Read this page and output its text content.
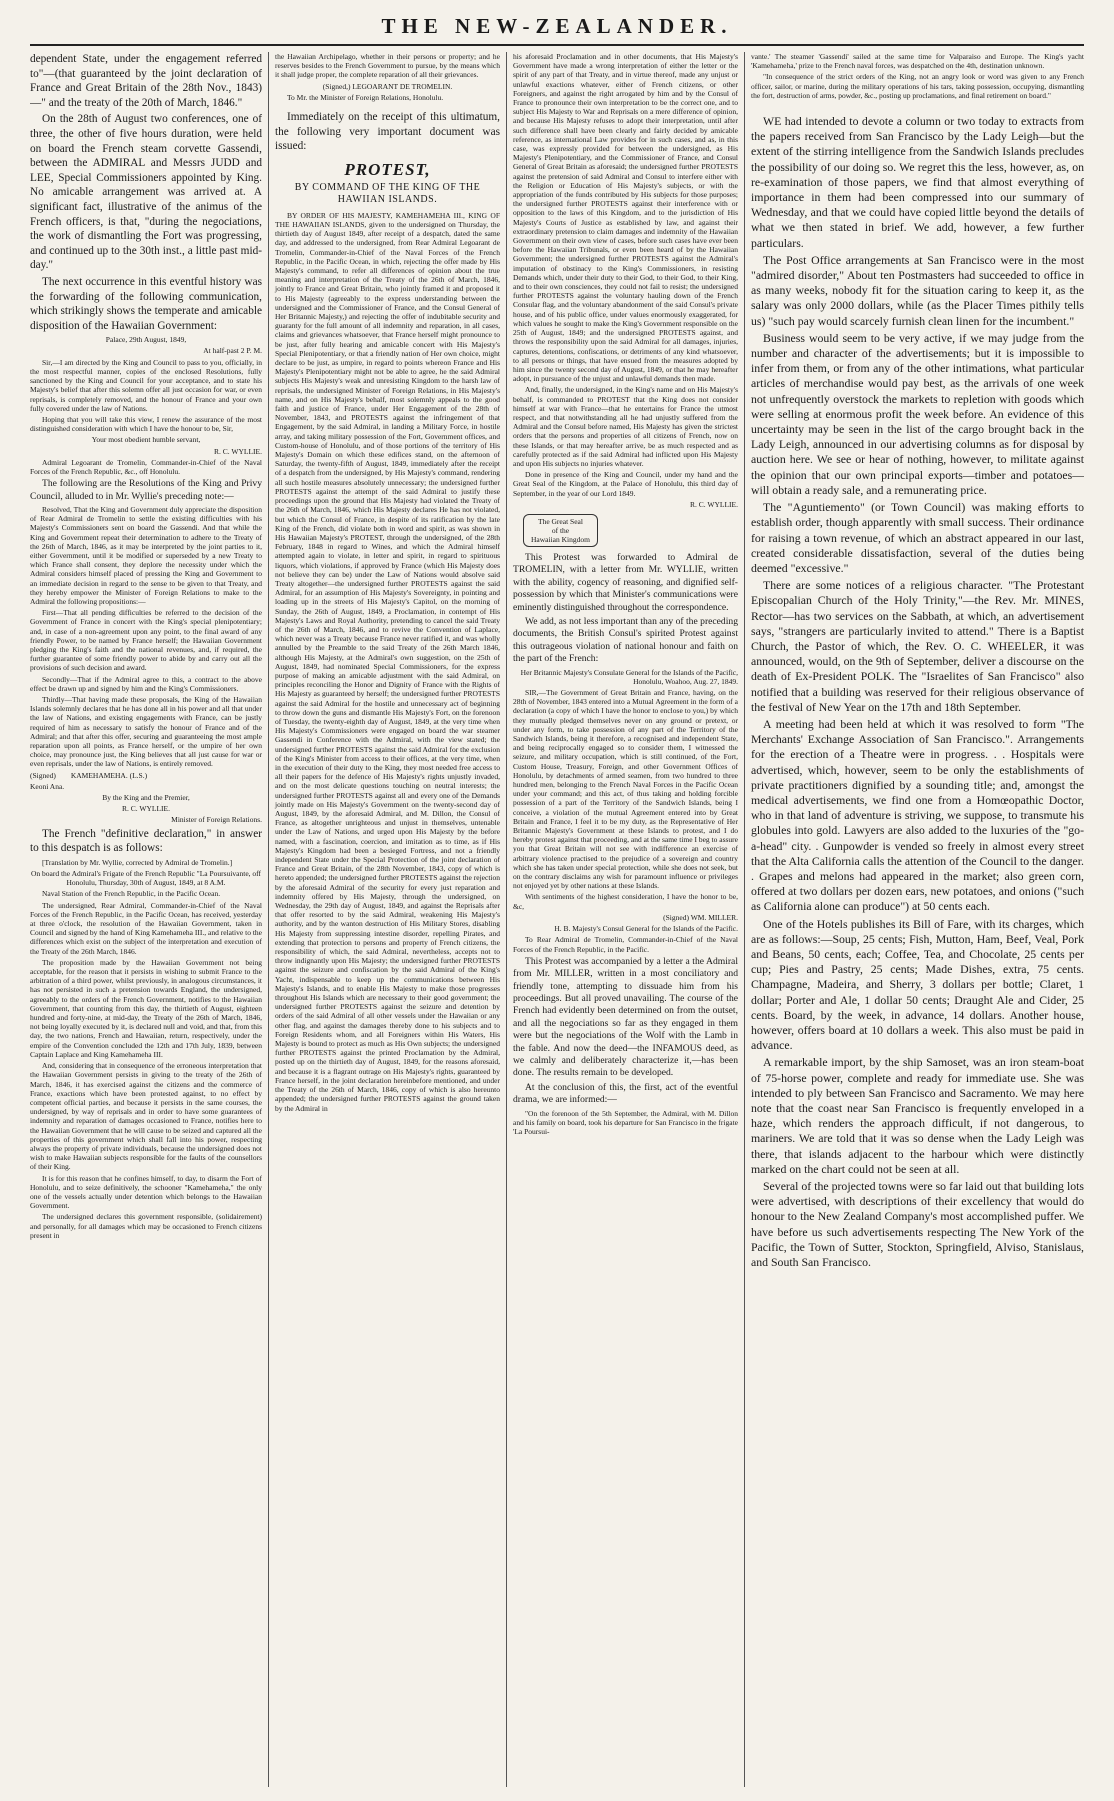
THE NEW-ZEALANDER.

dependent State, under the engagement referred to"—(that guaranteed by the joint declaration of France and Great Britain of the 28th Nov., 1843)—" and the treaty of the 20th of March, 1846."

On the 28th of August two conferences, one of three, the other of five hours duration, were held on board the French steam corvette Gassendi, between the ADMIRAL and Messrs JUDD and LEE, Special Commissioners appointed by King. No amicable arrangement was arrived at. A significant fact, illustrative of the animus of the French officers, is that, "during the negociations, the work of dismantling the Fort was progressing, and continued up to the 30th inst., a little past mid-day."

The next occurrence in this eventful history was the forwarding of the following communication, which strikingly shows the temperate and amicable disposition of the Hawaiian Government:

Palace, 29th August, 1849,

At half-past 2 P. M.

Sir,—I am directed by the King and Council to pass to you, officially, in the most respectful manner, copies of the enclosed Resolutions, fully sanctioned by the King and Council for your acceptance, and to state his Majesty's belief that after this solemn offer all just occasion for war, or even reprisals, is completely removed, and the honour of France and your own fully covered under the law of Nations.

Hoping that you will take this view, I renew the assurance of the most distinguished consideration with which I have the honour to be, Sir,

Your most obedient humble servant,

R. C. WYLLIE.

Admiral Legoarant de Tromelin, Commander-in-Chief of the Naval Forces of the French Republic, &c., off Honolulu.

The following are the Resolutions of the King and Privy Council, alluded to in Mr. Wyllie's preceding note:—

Resolved, That the King and Government duly appreciate the disposition of Rear Admiral de Tromelin to settle the existing difficulties with his Majesty's Commissioners sent on board the Gassendi. And that while the King and Government repeat their determination to adhere to the Treaty of the 26th of March, 1846, as it may be interpreted by the joint parties to it, either Government, until it be modified or superseded by a new Treaty to which France shall consent, they deplore the necessity under which the Admiral considers himself placed of pressing the King and Government to an immediate decision in regard to the sense to be given to that Treaty, and they hereby empower the Minister of Foreign Relations to make to the Admiral the following propositions:—

First—That all pending difficulties be referred to the decision of the Government of France in concert with the King's special plenipotentiary; and, in case of a non-agreement upon any point, to the final award of any friendly Power, to be named by France herself; the Hawaiian Government pledging the King's faith and the national revenues, and, if required, the further guarantee of some friendly power to abide by and carry out all the provisions of such decision and award.

Secondly—That if the Admiral agree to this, a contract to the above effect be drawn up and signed by him and the King's Commissioners.

Thirdly—That having made these proposals, the King of the Hawaiian Islands solemnly declares that he has done all in his power and all that under the law of Nations, and existing engagements with France, can be justly required of him as necessary to satisfy the honour of France and of the Admiral; and that after this offer, securing and guaranteeing the most ample reparation upon all points, as France herself, or the umpire of her own choice, may pronounce just, the King believes that all just cause for war or even reprisals, under the law of Nations, is entirely removed.

(Signed) KAMEHAMEHA. (L.S.)

Keoni Ana.

By the King and the Premier,

R. C. WYLLIE.

Minister of Foreign Relations.

The French "definitive declaration," in answer to this despatch is as follows:

[Translation by Mr. Wyllie, corrected by Admiral de Tromelin.]

On board the Admiral's Frigate of the French Republic "La Poursuivante, off Honolulu, Thursday, 30th of August, 1849, at 8 A.M.

Naval Station of the French Republic, in the Pacific Ocean.

The undersigned, Rear Admiral, Commander-in-Chief of the Naval Forces of the French Republic, in the Pacific Ocean, has received, yesterday at three o'clock, the resolution of the Hawaiian Government, taken in Council and signed by the hand of King Kamehameha III., and relative to the differences which exist on the subject of the interpretation and execution of the Treaty of the 26th March, 1846.

The proposition made by the Hawaiian Government not being acceptable, for the reason that it persists in wishing to submit France to the arbitration of a third power, whilst previously, in analogous circumstances, it has not persisted in such a pretension towards England, the undersigned, agreeably to the orders of the French Government, notifies to the Hawaiian Government, that counting from this day, the thirtieth of August, eighteen hundred and forty-nine, at mid-day, the Treaty of the 26th of March, 1846, not being loyally executed by it, is declared null and void, and that, from this day, the two nations, French and Hawaiian, return, respectively, under the empire of the Convention concluded the 12th and 17th July, 1839, between Captain Laplace and King Kamehameha III.

And, considering that in consequence of the erroneous interpretation that the Hawaiian Government persists in giving to the treaty of the 26th of March, 1846, it has exercised against the citizens and the commerce of France, exactions which have been protested against, to no effect by competent official parties, and because it persists in the same courses, the undersigned, by way of reprisals and in order to have some guarantees of indemnity and reparation of damages occasioned to France, notifies here to the Hawaiian Government that he will cause to be seized and captured all the properties of this government which shall fall into his power, respecting always the property of private individuals, because the undersigned does not wish to make Hawaiian subjects responsible for the faults of the counsellors of their King.

It is for this reason that he confines himself, to day, to disarm the Fort of Honolulu, and to seize definitively, the schooner "Kamehameha," the only one of the vessels actually under detention which belongs to the Hawaiian Government.

The undersigned declares this government responsible, (solidairement) and personally, for all damages which may be occasioned to French citizens present in

the Hawaiian Archipelago, whether in their persons or property; and he reserves besides to the French Government to pursue, by the means which it shall judge proper, the complete reparation of all their grievances.

(Signed,) LEGOARANT DE TROMELIN.

To Mr. the Minister of Foreign Relations, Honolulu.

Immediately on the receipt of this ultimatum, the following very important document was issued:

PROTEST,
BY COMMAND OF THE KING OF THE HAWIIAN ISLANDS.

BY ORDER OF HIS MAJESTY, KAMEHAMEHA III., KING OF THE HAWAIIAN ISLANDS, given to the undersigned on Thursday, the thirtieth day of August 1849, after receipt of a despatch, dated the same day, and addressed to the undersigned, from Rear Admiral Legoarant de Tromelin, Commander-in-Chief of the Naval Forces of the French Republic, in the Pacific Ocean, in which, rejecting the offer made by His Majesty's command, to refer all differences of opinion about the true meaning and interpretation of the Treaty of the 26th of March, 1846, jointly to France and Great Britain, who jointly framed it and proposed it to His Majesty (agreeably to the express understanding between the undersigned and the Commissioner of France, and the Consul General of Her Britannic Majesty,) and rejecting the offer of indubitable security and guaranty for the full amount of all indemnity and reparation, in all cases, claims and grievances whatsoever, that France herself might pronounce to be just, after fully hearing and amicable concert with His Majesty's Special Plenipotentiary, or that a friendly nation of Her own choice, might declare to be just, as umpire, in regard to points whereon France and His Majesty's Plenipotentiary might not be able to agree, he the said Admiral subjects His Majesty's weak and unresisting Kingdom to the harsh law of reprisals, the undersigned Minister of Foreign Relations, in His Majesty's name, and on His Majesty's behalf, most solemnly appeals to the good faith and justice of France, under Her Engagement of the 28th of November, 1843, and PROTESTS against the infringement of that Engagement, by the said Admiral, in landing a Military Force, in hostile array, and taking military possession of the Fort, Government offices, and Custom-house of Honolulu, and of those portions of the territory of His Majesty's Domain on which these edifices stand, on the afternoon of Saturday, the twenty-fifth of August, 1849, immediately after the receipt of a despatch from the undersigned, by His Majesty's command, rendering all such hostile measures absolutely unnecessary; the undersigned further PROTESTS against the attempt of the said Admiral to justify these proceedings upon the ground that His Majesty had violated the Treaty of the 26th of March, 1846, which His Majesty declares He has not violated, but which the Consul of France, in despite of its ratification by the late King of the French, did violate both in word and spirit, as was shown in His Hawaiian Majesty's PROTEST, through the undersigned, of the 28th February, 1848 in regard to Wines, and which the Admiral himself attempted again to violate, in letter and spirit, in regard to spirituous liquors, which violations, if approved by France (which His Majesty does not believe they can be) under the Law of Nations would absolve said Treaty altogether—the undersigned further PROTESTS against the said Admiral, for an assumption of His Majesty's Sovereignty, in pointing and loading up in the streets of His Majesty's Capitol, on the morning of Sunday, the 26th of August, 1849, a Proclamation, in contempt of His Majesty's Laws and Royal Authority, pretending to cancel the said Treaty of the 26th of March, 1846, and to revive the Convention of Laplace, which never was a Treaty because France never ratified it, and was wholly annulled by the Preamble to the said Treaty of the 26th March 1846, although His Majesty, at the Admiral's own suggestion, on the 25th of August, 1849, had nominated Special Commissioners, for the express purpose of making an amicable adjustment with the said Admiral, on principles reconciling the Honor and Dignity of France with the Rights of His Majesty as guaranteed by herself; the undersigned further PROTESTS against the said Admiral for the hostile and unnecessary act of beginning to throw down the guns and dismantle His Majesty's Fort, on the forenoon of Tuesday, the twenty-eighth day of August, 1849, at the very time when His Majesty's Commissioners were engaged on board the war steamer Gassendi in Conference with the Admiral, with the view stated; the undersigned further PROTESTS against the said Admiral for the exclusion of the King's Minister from access to their offices, at the very time, when in the execution of their duty to the King, they most needed free access to all their papers for the defence of His Majesty's rights unjustly invaded, and on the most delicate questions touching on neutral interests; the undersigned further PROTESTS against all and every one of the Demands jointly made on His Majesty's Government on the twenty-second day of August, 1849, by the aforesaid Admiral, and M. Dillon, the Consul of France, as altogether unrighteous and unjust in themselves, untenable under the Law of Nations, and urged upon His Majesty by the before named, with a fascination, coercion, and imitation as to time, as if His Majesty's Kingdom had been a besieged Fortress, and not a friendly independent State under the Special Protection of the joint declaration of France and Great Britain, of the 28th November, 1843, copy of which is hereto appended; the undersigned further PROTESTS against the rejection by the aforesaid Admiral of the security for every just reparation and indemnity offered by His Majesty, through the undersigned, on Wednesday, the 29th day of August, 1849, and against the Reprisals after that offer resorted to by the said Admiral, weakening His Majesty's authority, and by the wanton destruction of His Military Stores, disabling His Majesty from suppressing intestine disorder, repelling Pirates, and extending that protection to persons and property of French citizens, the responsibility of which, the said Admiral, nevertheless, accepts not to throw indignantly upon His Majesty; the undersigned further PROTESTS against the seizure and confiscation by the said Admiral of the King's Yacht, indispensable to keep up the communications between His Majesty's Islands, and to enable His Majesty to make those progresses throughout His Islands which are necessary to their good government; the undersigned further PROTESTS against the seizure and detention by orders of the said Admiral of all other vessels under the Hawaiian or any other flag, and against the damages thereby done to his subjects and to Foreign Residents whom, and all Foreigners within His Waters, His Majesty is bound to protect as much as His Own subjects; the undersigned further PROTESTS against the printed Proclamation by the Admiral, posted up on the thirtieth day of August, 1849, for the reasons aforesaid, and because it is a flagrant outrage on His Majesty's rights, guaranteed by France herself, in the joint declaration hereinbefore mentioned, and under the Treaty of the 26th of March, 1846, copy of which is also hereunto appended; the undersigned further PROTESTS against the ground taken by the Admiral in

his aforesaid Proclamation and in other documents, that His Majesty's Government have made a wrong interpretation of either the letter or the spirit of any part of that Treaty, and in virtue thereof, made any unjust or unlawful exactions whatever, either of French citizens, or other Foreigners, and against the right arrogated by him and by the Consul of France to pronounce their own interpretation to be the correct one, and to subject His Majesty to War and Reprisals on a mere difference of opinion, and because His Majesty refuses to adopt their interpretation, until after such difference shall have been clearly and fairly decided by amicable reference, as international Law provides for in such cases, and as, in this case, was expressly provided for between the undersigned, as His Majesty's Plenipotentiary, and the Commissioner of France, and Consul General of Great Britain as aforesaid; the undersigned further PROTESTS against the pretension of said Admiral and Consul to interfere either with the Religion or Education of His Majesty's subjects, or with the appropriation of the funds contributed by His subjects for those purposes; the undersigned further PROTESTS against their interference with or opposition to the laws of this Kingdom, and to the jurisdiction of His Majesty's Courts of Justice as established by law, and against their extraordinary pretension to claim damages and indemnity of the Hawaiian Government on their own view of cases, before such cases have ever been before the Hawaiian Tribunals, or even been heard of by the Hawaiian Government; the undersigned further PROTESTS against the Admiral's imputation of obstinacy to the King's Commissioners, in resisting Demands which, under their duty to their God, to their God, to their King, and to their own consciences, they could not fail to resist; the undersigned further PROTESTS against the voluntary hauling down of the French Consular flag, and the voluntary abandonment of the said Consul's private house, and of his public office, under values enormously exaggerated, for which values he sought to make the King's Government responsible on the 25th of August, 1849; and the undersigned PROTESTS against, and throws the responsibility upon the said Admiral for all damages, injuries, captures, detentions, confiscations, or detriments of any kind whatsoever, to all persons or things, that have ensued from the measures adopted by him since the twenty second day of August, 1849, or that he may hereafter adopt, in pursuance of the unjust and unlawful demands then made.

And, finally, the undersigned, in the King's name and on His Majesty's behalf, is commanded to PROTEST that the King does not consider himself at war with France—that he entertains for France the utmost respect, and that notwithstanding all he had unjustly suffered from the Admiral and the Consul before named, His Majesty has given the strictest orders that the persons and properties of all citizens of French, now on these Islands, or that may hereafter arrive, be as much respected and as carefully protected as if the said Admiral had inflicted upon His Majesty and upon His subjects no injuries whatever.

Done in presence of the King and Council, under my hand and the Great Seal of the Kingdom, at the Palace of Honolulu, this third day of September, in the year of our Lord 1849.

R. C. WYLLIE.

The Great Seal
of the
Hawaiian Kingdom

This Protest was forwarded to Admiral de TROMELIN, with a letter from Mr. WYLLIE, written with the ability, cogency of reasoning, and dignified self-possession by which that Minister's communications were eminently distinguished throughout the correspondence.

We add, as not less important than any of the preceding documents, the British Consul's spirited Protest against this outrageous violation of national honour and faith on the part of the French:

Her Britannic Majesty's Consulate General for the Islands of the Pacific, Honolulu, Woahoo, Aug. 27, 1849.

SIR,—The Government of Great Britain and France, having, on the 28th of November, 1843 entered into a Mutual Agreement in the form of a declaration (a copy of which I have the honor to enclose to you,) by which they mutually pledged themselves never on any ground or pretext, or under any form, to take possession of any part of the Territory of the Sandwich Islands, being it therefore, a recognised and independent State, and being reciprocally engaged so to consider them, I witnessed the seizure, and military occupation, which is still continued, of the Fort, Custom House, Treasury, Foreign, and other Government Offices of Honolulu, by detachments of armed seamen, from two hundred to three hundred men, belonging to the French Naval Forces in the Pacific Ocean under your command; and this act, of thus taking and holding forcible possession of a part of the Territory of the Sandwich Islands, being I conceive, a violation of the mutual Agreement entered into by Great Britain and France, I feel it to be my duty, as the Representative of Her Britannic Majesty's Government at these Islands to protest, and I do hereby protest against that proceeding, and at the same time I beg to assure you that Great Britain will not see with indifference an exercise of arbitrary violence practised to the prejudice of a sovereign and country which she has taken under special protection, while she does not seek, but on the contrary disclaims any wish for paramount influence or privileges not enjoyed yet by other nations at these Islands.

With sentiments of the highest consideration, I have the honor to be, &c,

(Signed) WM. MILLER.

H. B. Majesty's Consul General for the Islands of the Pacific.

To Rear Admiral de Tromelin, Commander-in-Chief of the Naval Forces of the French Republic, in the Pacific.

This Protest was accompanied by a letter a the Admiral from Mr. MILLER, written in a most conciliatory and friendly tone, attempting to dissuade him from his proceedings. But all proved unavailing. The course of the French had evidently been determined on from the outset, and all the negociations so far as they engaged in them were but the negociations of the Wolf with the Lamb in the fable. And now the deed—the INFAMOUS deed, as we calmly and deliberately characterize it,—has been done. The results remain to be developed.

At the conclusion of this, the first, act of the eventful drama, we are informed:—

"On the forenoon of the 5th September, the Admiral, with M. Dillon and his family on board, took his departure for San Francisco in the frigate 'La Poursui-

vante.' The steamer 'Gassendi' sailed at the same time for Valparaiso and Europe. The King's yacht 'Kamehameha,' prize to the French naval forces, was despatched on the 4th, destination unknown.

"In consequence of the strict orders of the King, not an angry look or word was given to any French officer, sailor, or marine, during the military operations of his tars, taking possession, occupying, dismantling the fort, destruction of arms, powder, &c., posting up proclamations, and final retirement on board."

WE had intended to devote a column or two today to extracts from the papers received from San Francisco by the Lady Leigh—but the extent of the stirring intelligence from the Sandwich Islands precludes the possibility of our doing so. We regret this the less, however, as, on re-examination of those papers, we find that almost everything of importance in them had been compressed into our summary of Wednesday, and that we could have copied little beyond the details of what we then stated in brief. We add, however, a few further particulars.

The Post Office arrangements at San Francisco were in the most "admired disorder," About ten Postmasters had succeeded to office in as many weeks, nobody fit for the situation caring to keep it, as the salary was only 2000 dollars, while (as the Placer Times pithily tells us) "such pay would scarcely furnish clean linen for the incumbent."

Business would seem to be very active, if we may judge from the number and character of the advertisements; but it is impossible to infer from them, or from any of the other intimations, what particular articles of merchandise would pay best, as the arrivals of one week not unfrequently overstock the markets to repletion with goods which were selling at enormous profit the week before. An evidence of this uncertainty may be seen in the list of the cargo brought back in the Lady Leigh, announced in our advertising columns as for disposal by auction here. We see or hear of nothing, however, to militate against the opinion that our own principal exports—timber and potatoes—will obtain a ready sale, and a remunerating price.

The "Aguntiemento" (or Town Council) was making efforts to establish order, though apparently with small success. Their ordinance for raising a town revenue, of which an abstract appeared in our last, created considerable dissatisfaction, several of the duties being deemed "excessive."

There are some notices of a religious character. "The Protestant Episcopalian Church of the Holy Trinity,"—the Rev. Mr. MINES, Rector—has two services on the Sabbath, at which, an advertisement says, "strangers are particularly invited to attend." There is a Baptist Church, the Pastor of which, the Rev. O. C. WHEELER, it was announced, would, on the 9th of September, deliver a discourse on the death of Ex-President POLK. The "Israelites of San Francisco" also notified that a building was reserved for their religious observance of the festival of New Year on the 17th and 18th September.

A meeting had been held at which it was resolved to form "The Merchants' Exchange Association of San Francisco.". Arrangements for the erection of a Theatre were in progress. . . Hospitals were advertised, which, however, seem to be only the establishments of private practitioners dignified by a sounding title; and, amongst the medical advertisements, we find one from a Homœopathic Doctor, who in that land of adventure is striving, we suppose, to transmute his globules into gold. Lawyers are also added to the luxuries of the "go-a-head" city. . Gunpowder is vended so freely in almost every street that the Alta California calls the attention of the Council to the danger. . Grapes and melons had appeared in the market; also green corn, offered at two dollars per dozen ears, new potatoes, and onions ("such as California alone can produce") at 50 cents each.

One of the Hotels publishes its Bill of Fare, with its charges, which are as follows:—Soup, 25 cents; Fish, Mutton, Ham, Beef, Veal, Pork and Beans, 50 cents, each; Coffee, Tea, and Chocolate, 25 cents per cup; Pies and Pastry, 25 cents; Made Dishes, extra, 75 cents. Champagne, Madeira, and Sherry, 3 dollars per bottle; Claret, 1 dollar; Porter and Ale, 1 dollar 50 cents; Draught Ale and Cider, 25 cents. Board, by the week, in advance, 14 dollars. Another house, however, offers board at 10 dollars a week. This also must be paid in advance.

A remarkable import, by the ship Samoset, was an iron steam-boat of 75-horse power, complete and ready for immediate use. She was intended to ply between San Francisco and Sacramento. We may here note that the coast near San Francisco is frequently enveloped in a haze, which renders the approach difficult, if not dangerous, to mariners. We are told that it was so dense when the Lady Leigh was there, that islands adjacent to the harbour which were distinctly marked on the chart could not be seen at all.

Several of the projected towns were so far laid out that building lots were advertised, with descriptions of their excellency that would do honour to the New Zealand Company's most accomplished puffer. We have before us such advertisements respecting The New York of the Pacific, the Town of Sutter, Stockton, Springfield, Alviso, Stanislaus, and South San Francisco.
